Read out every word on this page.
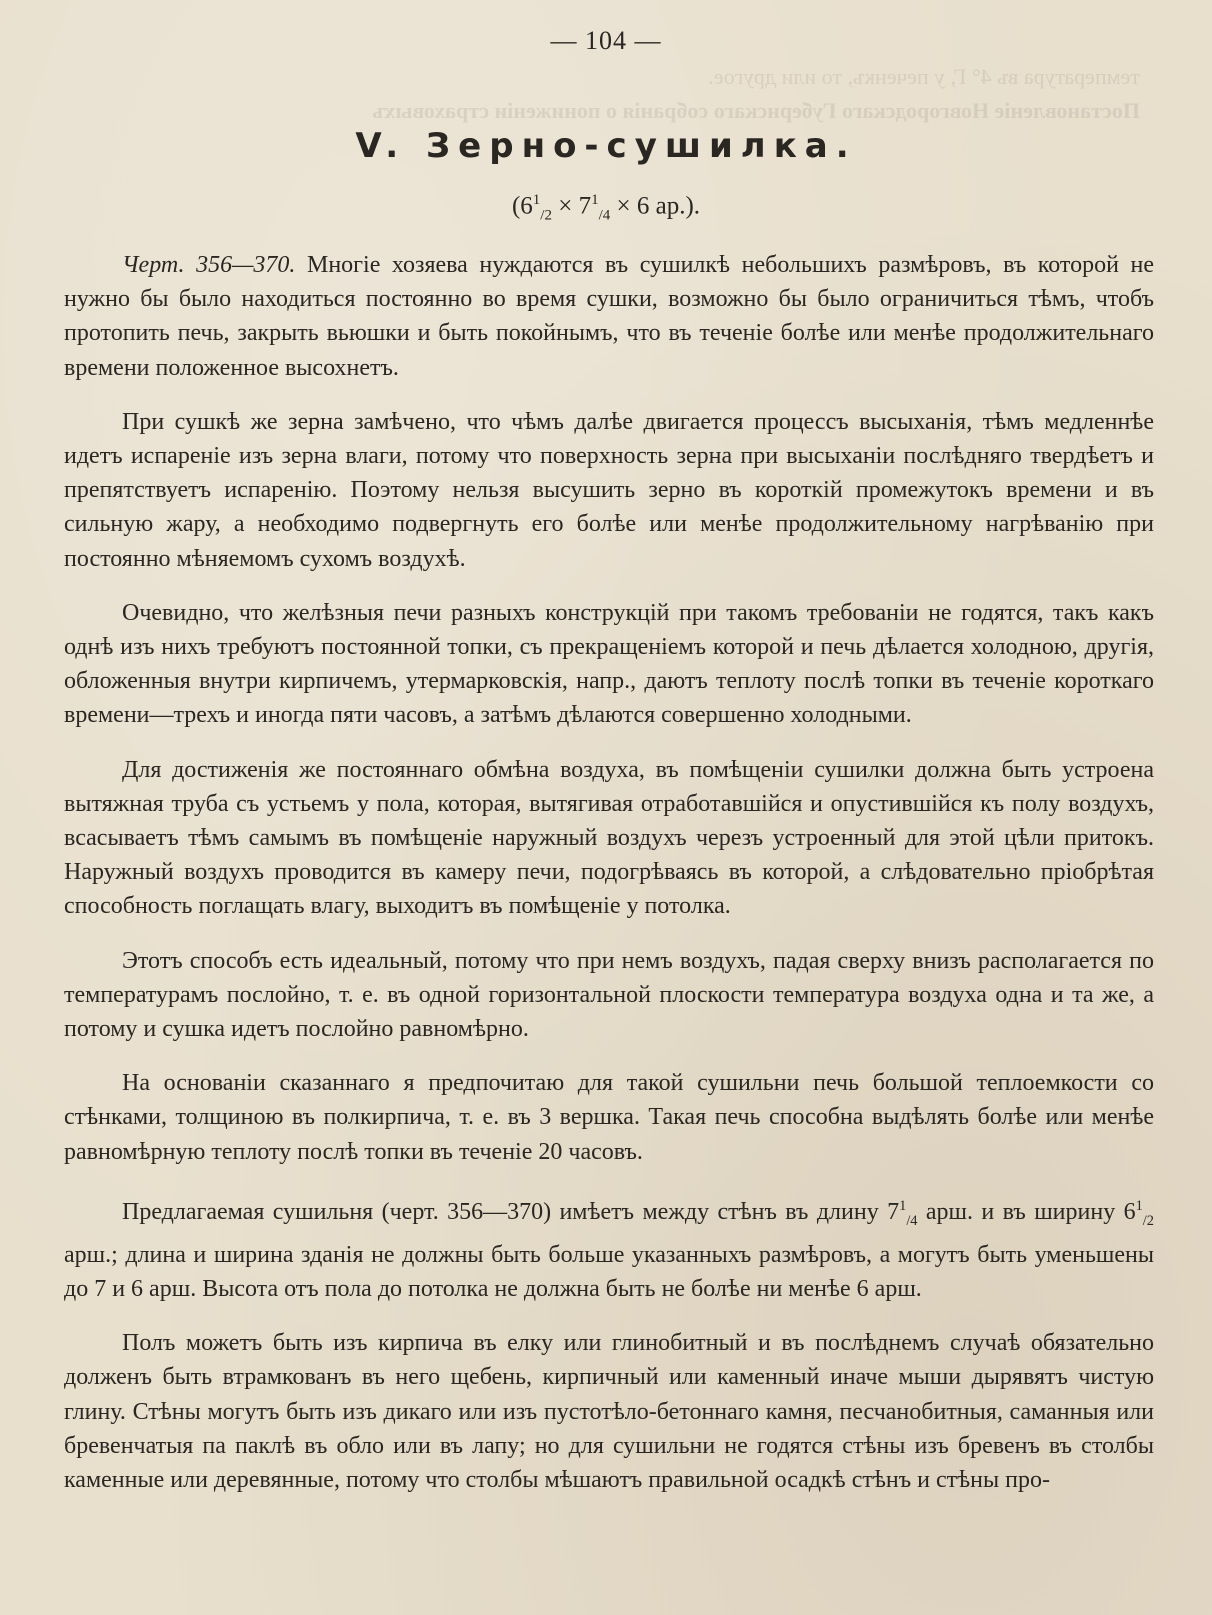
температура въ 4° Г, у печенкъ, то или другое.
Постановленіе Новгородскаго Губернскаго собранія о пониженіи страховыхъ
— 104 —
V. Зерно-сушилка.
($6^1_{/2} \times 7^1_{/4} \times 6$ ар.).

Черт. 356—370. Многіе хозяева нуждаются въ сушилкѣ небольшихъ размѣровъ, въ которой не нужно бы было находиться постоянно во время сушки, возможно бы было ограничиться тѣмъ, чтобъ протопить печь, закрыть вьюшки и быть покойнымъ, что въ теченіе болѣе или менѣе продолжительнаго времени положенное высохнетъ.

При сушкѣ же зерна замѣчено, что чѣмъ далѣе двигается процессъ высыханія, тѣмъ медленнѣе идетъ испареніе изъ зерна влаги, потому что поверхность зерна при высыханіи послѣдняго твердѣетъ и препятствуетъ испаренію. Поэтому нельзя высушить зерно въ короткій промежутокъ времени и въ сильную жару, а необходимо подвергнуть его болѣе или менѣе продолжительному нагрѣванію при постоянно мѣняемомъ сухомъ воздухѣ.

Очевидно, что желѣзныя печи разныхъ конструкцій при такомъ требованіи не годятся, такъ какъ однѣ изъ нихъ требуютъ постоянной топки, съ прекращеніемъ которой и печь дѣлается холодною, другія, обложенныя внутри кирпичемъ, утермарковскія, напр., даютъ теплоту послѣ топки въ теченіе короткаго времени—трехъ и иногда пяти часовъ, а затѣмъ дѣлаются совершенно холодными.

Для достиженія же постояннаго обмѣна воздуха, въ помѣщеніи сушилки должна быть устроена вытяжная труба съ устьемъ у пола, которая, вытягивая отработавшійся и опустившійся къ полу воздухъ, всасываетъ тѣмъ самымъ въ помѣщеніе наружный воздухъ черезъ устроенный для этой цѣли притокъ. Наружный воздухъ проводится въ камеру печи, подогрѣваясь въ которой, а слѣдовательно пріобрѣтая способность поглащать влагу, выходитъ въ помѣщеніе у потолка.

Этотъ способъ есть идеальный, потому что при немъ воздухъ, падая сверху внизъ располагается по температурамъ послойно, т. е. въ одной горизонтальной плоскости температура воздуха одна и та же, а потому и сушка идетъ послойно равномѣрно.

На основаніи сказаннаго я предпочитаю для такой сушильни печь большой теплоемкости со стѣнками, толщиною въ полкирпича, т. е. въ 3 вершка. Такая печь способна выдѣлять болѣе или менѣе равномѣрную теплоту послѣ топки въ теченіе 20 часовъ.

Предлагаемая сушильня (черт. 356—370) имѣетъ между стѣнъ въ длину $7^1_{/4}$ арш. и въ ширину $6^1_{/2}$ арш.; длина и ширина зданія не должны быть больше указанныхъ размѣровъ, а могутъ быть уменьшены до 7 и 6 арш. Высота отъ пола до потолка не должна быть не болѣе ни менѣе 6 арш.

Полъ можетъ быть изъ кирпича въ елку или глинобитный и въ послѣднемъ случаѣ обязательно долженъ быть втрамкованъ въ него щебень, кирпичный или каменный иначе мыши дырявятъ чистую глину. Стѣны могутъ быть изъ дикаго или изъ пустотѣло-бетоннаго камня, песчанобитныя, саманныя или бревенчатыя па паклѣ въ обло или въ лапу; но для сушильни не годятся стѣны изъ бревенъ въ столбы каменные или деревянные, потому что столбы мѣшаютъ правильной осадкѣ стѣнъ и стѣны про-
